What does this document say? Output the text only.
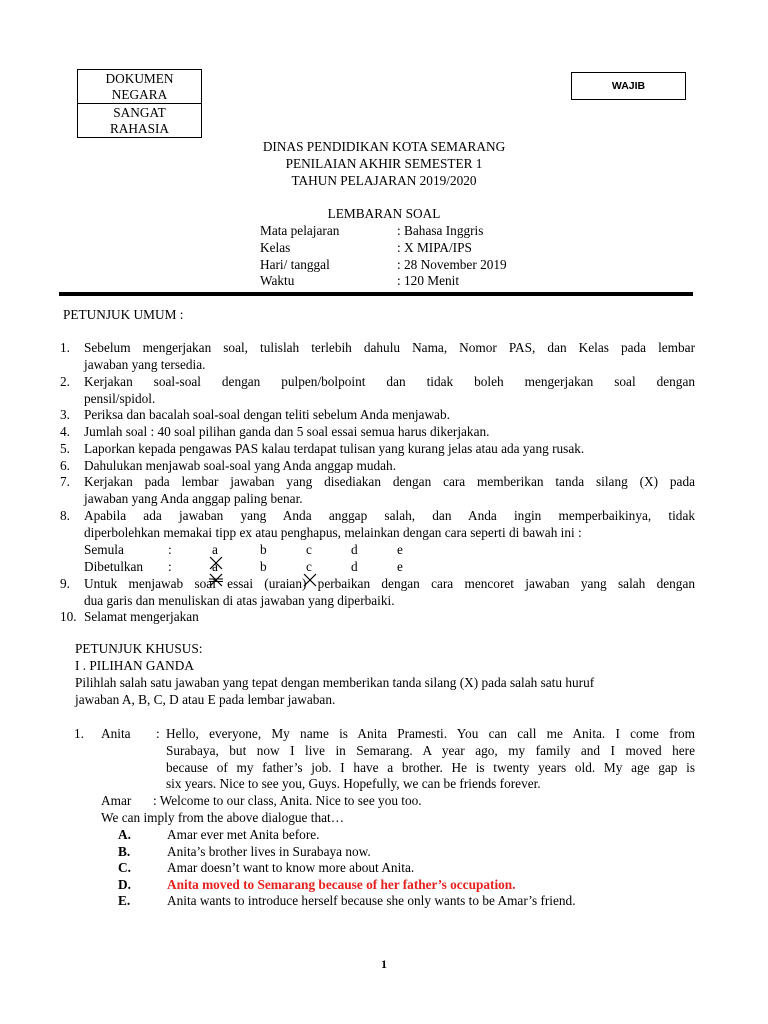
DOKUMEN
NEGARA
SANGAT
RAHASIA
WAJIB
DINAS PENDIDIKAN KOTA SEMARANG
PENILAIAN AKHIR SEMESTER 1
TAHUN PELAJARAN 2019/2020
LEMBARAN SOAL
Mata pelajaran	: Bahasa Inggris
Kelas	: X MIPA/IPS
Hari/ tanggal	: 28 November 2019
Waktu	: 120 Menit
PETUNJUK UMUM :
1. Sebelum mengerjakan soal, tulislah terlebih dahulu Nama, Nomor PAS, dan Kelas pada lembar
jawaban yang tersedia.
2. Kerjakan soal-soal dengan pulpen/bolpoint dan tidak boleh mengerjakan soal dengan
pensil/spidol.
3. Periksa dan bacalah soal-soal dengan teliti sebelum Anda menjawab.
4. Jumlah soal : 40 soal pilihan ganda dan 5 soal essai semua harus dikerjakan.
5. Laporkan kepada pengawas PAS kalau terdapat tulisan yang kurang jelas atau ada yang rusak.
6. Dahulukan menjawab soal-soal yang Anda anggap mudah.
7. Kerjakan pada lembar jawaban yang disediakan dengan cara memberikan tanda silang (X) pada
jawaban yang Anda anggap paling benar.
8. Apabila ada jawaban yang Anda anggap salah, dan Anda ingin memperbaikinya, tidak
diperbolehkan memakai tipp ex atau penghapus, melainkan dengan cara seperti di bawah ini :
Semula	:	a	b	c	d	e
Dibetulkan :	a	b	c	d	e
9. Untuk menjawab soal essai (uraian) perbaikan dengan cara mencoret jawaban yang salah dengan
dua garis dan menuliskan di atas jawaban yang diperbaiki.
10. Selamat mengerjakan
PETUNJUK KHUSUS:
I . PILIHAN GANDA
Pilihlah salah satu jawaban yang tepat dengan memberikan tanda silang (X) pada salah satu huruf
jawaban A, B, C, D atau E pada lembar jawaban.
1. Anita : Hello, everyone, My name is Anita Pramesti. You can call me Anita. I come from
Surabaya, but now I live in Semarang. A year ago, my family and I moved here
because of my father’s job. I have a brother. He is twenty years old. My age gap is
six years. Nice to see you, Guys. Hopefully, we can be friends forever.
Amar : Welcome to our class, Anita. Nice to see you too.
We can imply from the above dialogue that…
A.	Amar ever met Anita before.
B.	Anita’s brother lives in Surabaya now.
C.	Amar doesn’t want to know more about Anita.
D.	Anita moved to Semarang because of her father’s occupation.
E.	Anita wants to introduce herself because she only wants to be Amar’s friend.
1
